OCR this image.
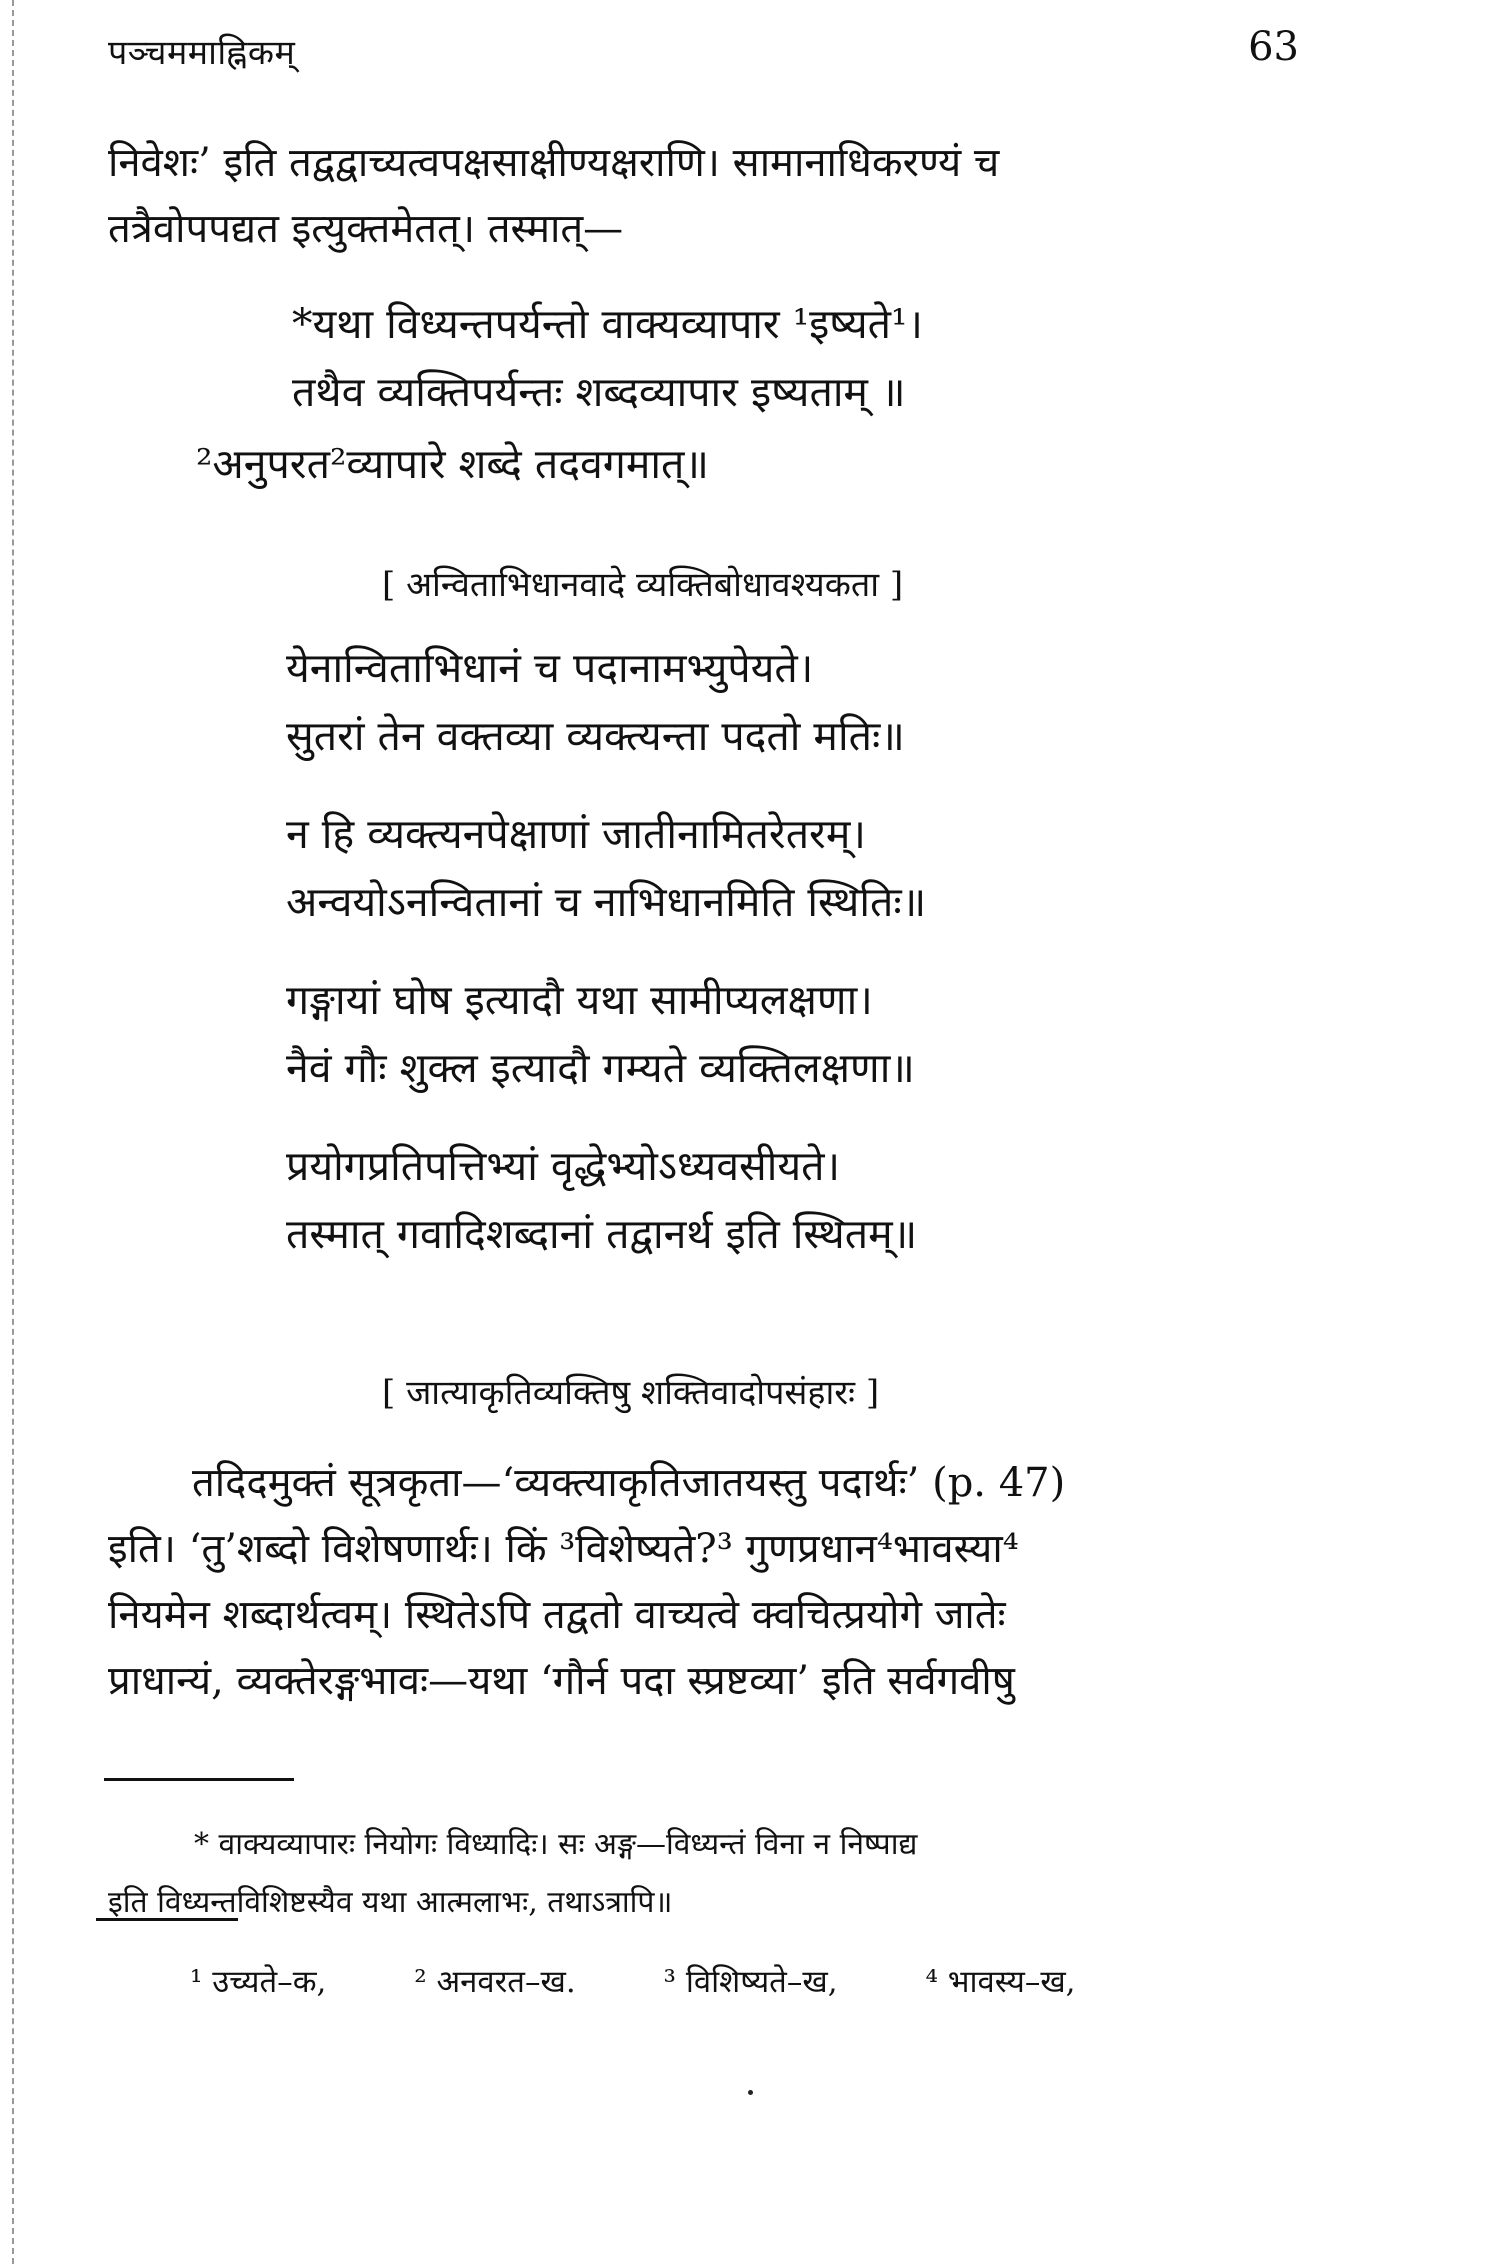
पञ्चममाह्निकम्	63
निवेशः’ इति तद्वद्वाच्यत्वपक्षसाक्षीण्यक्षराणि। सामानाधिकरण्यं च
तत्रैवोपपद्यत इत्युक्तमेतत्। तस्मात्—
*यथा विध्यन्तपर्यन्तो वाक्यव्यापार ¹इष्यते¹।
तथैव व्यक्तिपर्यन्तः शब्दव्यापार इष्यताम् ॥
²अनुपरत²व्यापारे शब्दे तदवगमात्॥
[ अन्विताभिधानवादे व्यक्तिबोधावश्यकता ]
येनान्विताभिधानं च पदानामभ्युपेयते।
सुतरां तेन वक्तव्या व्यक्त्यन्ता पदतो मतिः॥
न हि व्यक्त्यनपेक्षाणां जातीनामितरेतरम्।
अन्वयोऽनन्वितानां च नाभिधानमिति स्थितिः॥
गङ्गायां घोष इत्यादौ यथा सामीप्यलक्षणा।
नैवं गौः शुक्ल इत्यादौ गम्यते व्यक्तिलक्षणा॥
प्रयोगप्रतिपत्तिभ्यां वृद्धेभ्योऽध्यवसीयते।
तस्मात् गवादिशब्दानां तद्वानर्थ इति स्थितम्॥
[ जात्याकृतिव्यक्तिषु शक्तिवादोपसंहारः ]
तदिदमुक्तं सूत्रकृता—‘व्यक्त्याकृतिजातयस्तु पदार्थः’ (p. 47)
इति। ‘तु’शब्दो विशेषणार्थः। किं ³विशेष्यते?³ गुणप्रधान⁴भावस्या⁴
नियमेन शब्दार्थत्वम्। स्थितेऽपि तद्वतो वाच्यत्वे क्वचित्प्रयोगे जातेः
प्राधान्यं, व्यक्तेरङ्गभावः—यथा ‘गौर्न पदा स्प्रष्टव्या’ इति सर्वगवीषु
* वाक्यव्यापारः नियोगः विध्यादिः। सः अङ्ग—विध्यन्तं विना न निष्पाद्य
इति विध्यन्तविशिष्टस्यैव यथा आत्मलाभः, तथाऽत्रापि॥
¹ उच्यते–क,	² अनवरत–ख.	³ विशिष्यते–ख,	⁴ भावस्य–ख,
